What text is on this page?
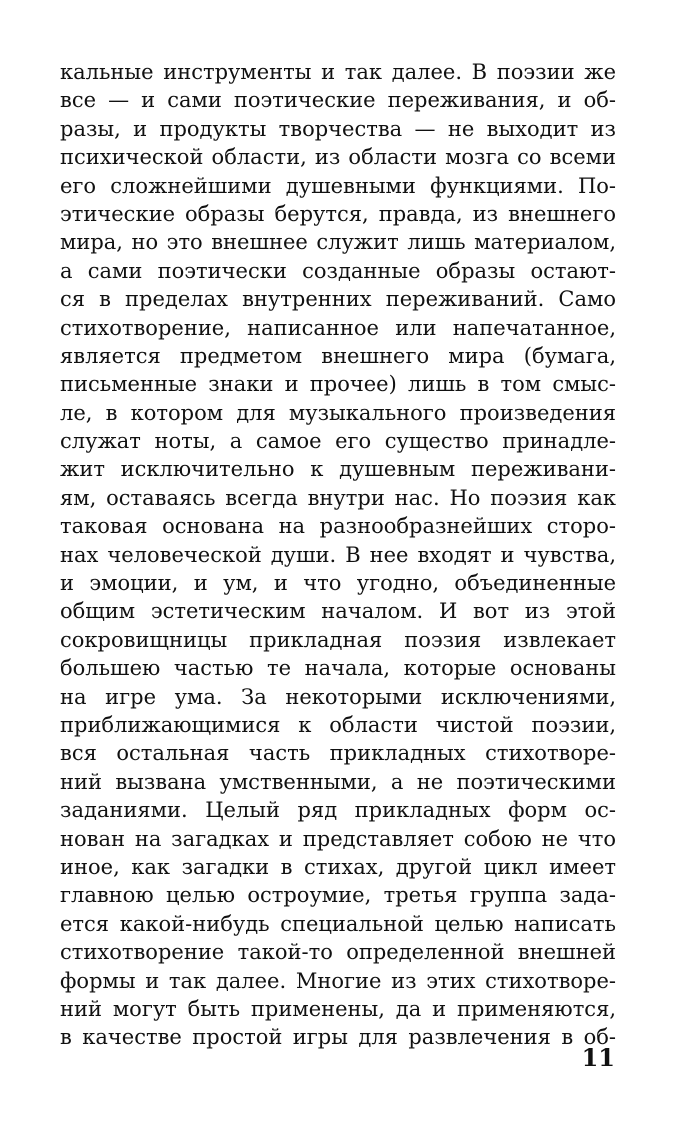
кальные инструменты и так далее. В поэзии же
все — и сами поэтические переживания, и об-
разы, и продукты творчества — не выходит из
психической области, из области мозга со всеми
его сложнейшими душевными функциями. По-
этические образы берутся, правда, из внешнего
мира, но это внешнее служит лишь материалом,
а сами поэтически созданные образы остают-
ся в пределах внутренних переживаний. Само
стихотворение, написанное или напечатанное,
является предметом внешнего мира (бумага,
письменные знаки и прочее) лишь в том смыс-
ле, в котором для музыкального произведения
служат ноты, а самое его существо принадле-
жит исключительно к душевным переживани-
ям, оставаясь всегда внутри нас. Но поэзия как
таковая основана на разнообразнейших сторо-
нах человеческой души. В нее входят и чувства,
и эмоции, и ум, и что угодно, объединенные
общим эстетическим началом. И вот из этой
сокровищницы прикладная поэзия извлекает
большею частью те начала, которые основаны
на игре ума. За некоторыми исключениями,
приближающимися к области чистой поэзии,
вся остальная часть прикладных стихотворе-
ний вызвана умственными, а не поэтическими
заданиями. Целый ряд прикладных форм ос-
нован на загадках и представляет собою не что
иное, как загадки в стихах, другой цикл имеет
главною целью остроумие, третья группа зада-
ется какой-нибудь специальной целью написать
стихотворение такой-то определенной внешней
формы и так далее. Многие из этих стихотворе-
ний могут быть применены, да и применяются,
в качестве простой игры для развлечения в об-
11
